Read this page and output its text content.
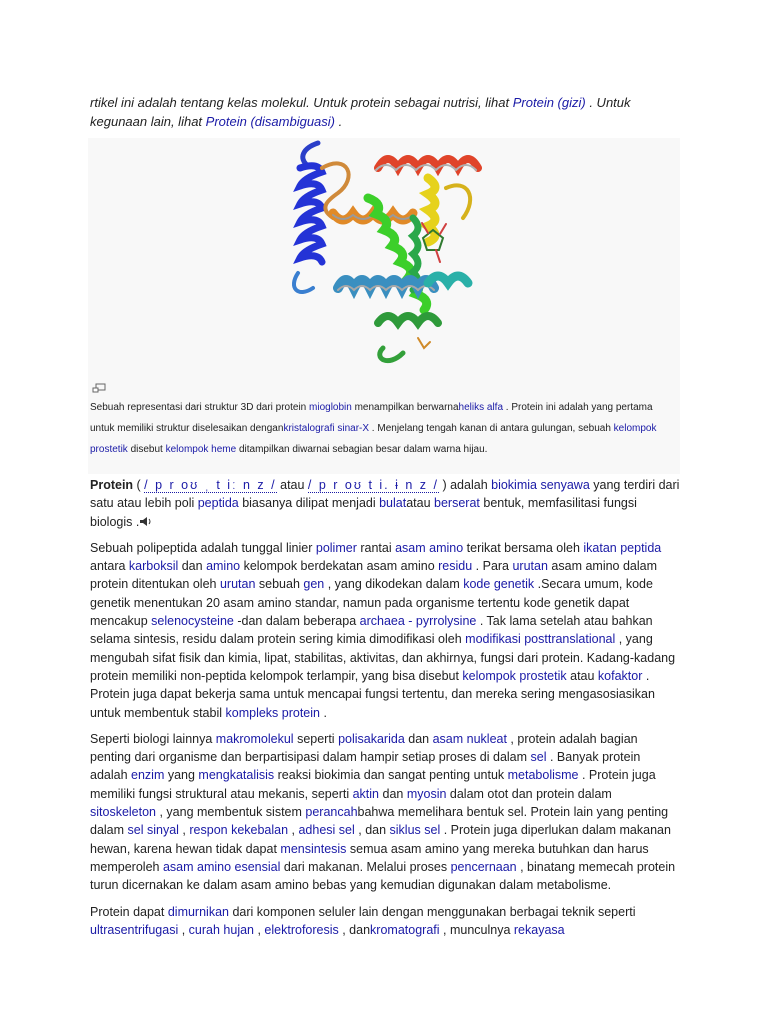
rtikel ini adalah tentang kelas molekul. Untuk protein sebagai nutrisi, lihat Protein (gizi) . Untuk kegunaan lain, lihat Protein (disambiguasi) .
Sebuah representasi dari struktur 3D dari protein mioglobin menampilkan berwarnaheliks alfa . Protein ini adalah yang pertama untuk memiliki struktur diselesaikan dengankristalografi sinar-X . Menjelang tengah kanan di antara gulungan, sebuah kelompok prostetik disebut kelompok heme ditampilkan diwarnai sebagian besar dalam warna hijau.

Protein ( / p r oʊ ˌ t iː n z / atau / p r oʊ t i. ɨ n z / ) adalah biokimia senyawa yang terdiri dari satu atau lebih poli peptida biasanya dilipat menjadi bulatatau berserat bentuk, memfasilitasi fungsi biologis .

Sebuah polipeptida adalah tunggal linier polimer rantai asam amino terikat bersama oleh ikatan peptida antara karboksil dan amino kelompok berdekatan asam amino residu . Para urutan asam amino dalam protein ditentukan oleh urutan sebuah gen , yang dikodekan dalam kode genetik .Secara umum, kode genetik menentukan 20 asam amino standar, namun pada organisme tertentu kode genetik dapat mencakup selenocysteine -dan dalam beberapa archaea - pyrrolysine . Tak lama setelah atau bahkan selama sintesis, residu dalam protein sering kimia dimodifikasi oleh modifikasi posttranslational , yang mengubah sifat fisik dan kimia, lipat, stabilitas, aktivitas, dan akhirnya, fungsi dari protein. Kadang-kadang protein memiliki non-peptida kelompok terlampir, yang bisa disebut kelompok prostetik atau kofaktor . Protein juga dapat bekerja sama untuk mencapai fungsi tertentu, dan mereka sering mengasosiasikan untuk membentuk stabil kompleks protein .

Seperti biologi lainnya makromolekul seperti polisakarida dan asam nukleat , protein adalah bagian penting dari organisme dan berpartisipasi dalam hampir setiap proses di dalam sel . Banyak protein adalah enzim yang mengkatalisis reaksi biokimia dan sangat penting untuk metabolisme . Protein juga memiliki fungsi struktural atau mekanis, seperti aktin dan myosin dalam otot dan protein dalam sitoskeleton , yang membentuk sistem perancahbahwa memelihara bentuk sel. Protein lain yang penting dalam sel sinyal , respon kekebalan , adhesi sel , dan siklus sel . Protein juga diperlukan dalam makanan hewan, karena hewan tidak dapat mensintesis semua asam amino yang mereka butuhkan dan harus memperoleh asam amino esensial dari makanan. Melalui proses pencernaan , binatang memecah protein turun dicernakan ke dalam asam amino bebas yang kemudian digunakan dalam metabolisme.

Protein dapat dimurnikan dari komponen seluler lain dengan menggunakan berbagai teknik seperti ultrasentrifugasi , curah hujan , elektroforesis , dankromatografi , munculnya rekayasa
